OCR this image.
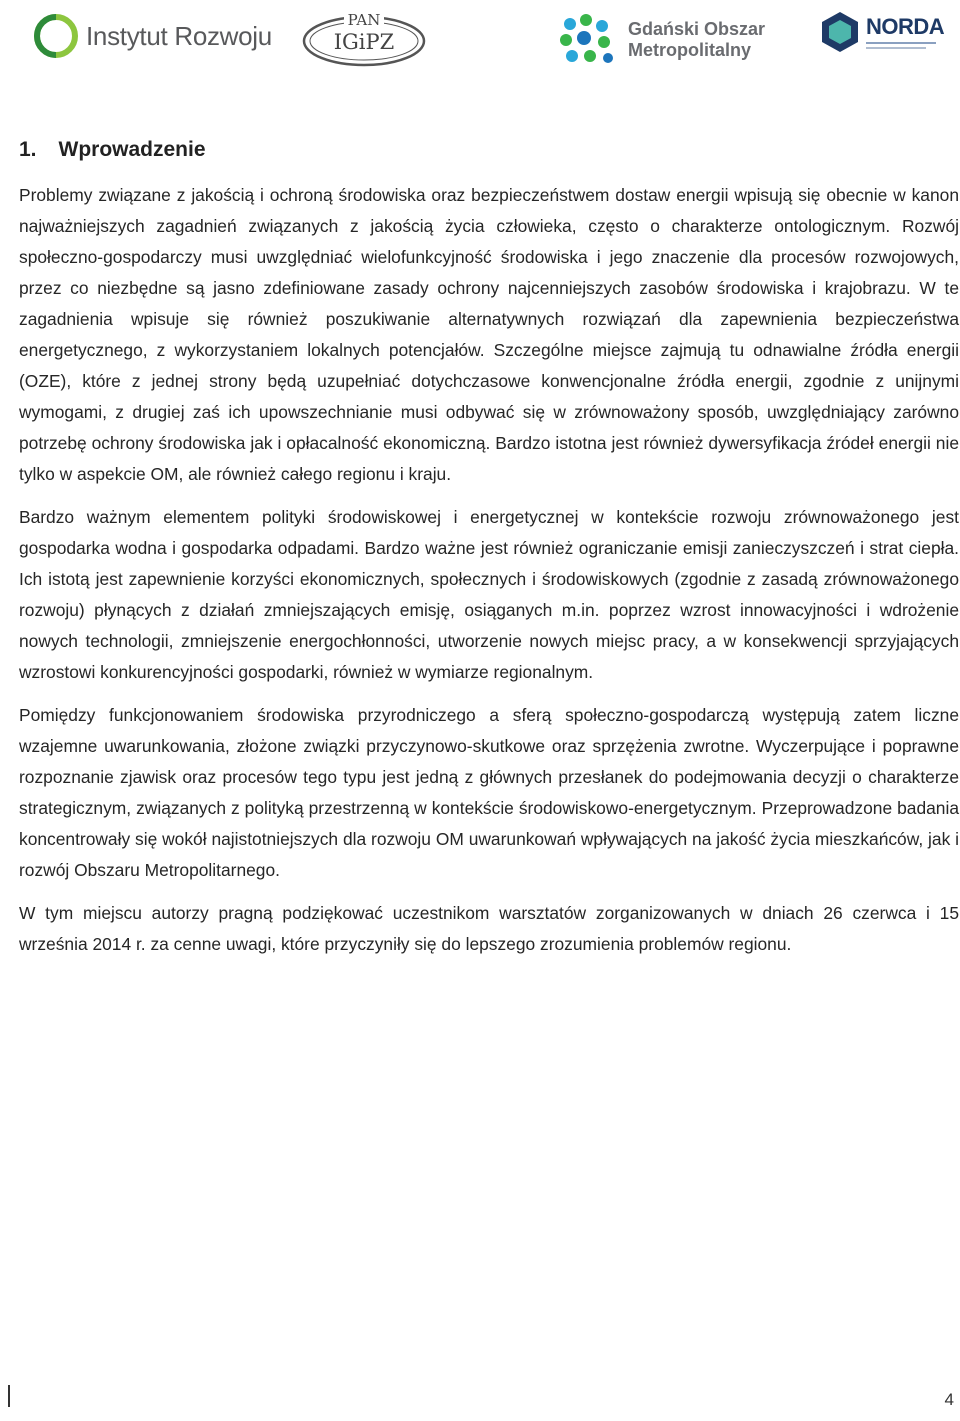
Instytut Rozwoju
PAN
IGiPZ
Gdański Obszar
Metropolitalny
NORDA
1. Wprowadzenie

Problemy związane z jakością i ochroną środowiska oraz bezpieczeństwem dostaw energii wpisują się obecnie w kanon najważniejszych zagadnień związanych z jakością życia człowieka, często o charakterze ontologicznym. Rozwój społeczno-gospodarczy musi uwzględniać wielofunkcyjność środowiska i jego znaczenie dla procesów rozwojowych, przez co niezbędne są jasno zdefiniowane zasady ochrony najcenniejszych zasobów środowiska i krajobrazu. W te zagadnienia wpisuje się również poszukiwanie alternatywnych rozwiązań dla zapewnienia bezpieczeństwa energetycznego, z wykorzystaniem lokalnych potencjałów. Szczególne miejsce zajmują tu odnawialne źródła energii (OZE), które z jednej strony będą uzupełniać dotychczasowe konwencjonalne źródła energii, zgodnie z unijnymi wymogami, z drugiej zaś ich upowszechnianie musi odbywać się w zrównoważony sposób, uwzględniający zarówno potrzebę ochrony środowiska jak i opłacalność ekonomiczną. Bardzo istotna jest również dywersyfikacja źródeł energii nie tylko w aspekcie OM, ale również całego regionu i kraju.

Bardzo ważnym elementem polityki środowiskowej i energetycznej w kontekście rozwoju zrównoważonego jest gospodarka wodna i gospodarka odpadami. Bardzo ważne jest również ograniczanie emisji zanieczyszczeń i strat ciepła. Ich istotą jest zapewnienie korzyści ekonomicznych, społecznych i środowiskowych (zgodnie z zasadą zrównoważonego rozwoju) płynących z działań zmniejszających emisję, osiąganych m.in. poprzez wzrost innowacyjności i wdrożenie nowych technologii, zmniejszenie energochłonności, utworzenie nowych miejsc pracy, a w konsekwencji sprzyjających wzrostowi konkurencyjności gospodarki, również w wymiarze regionalnym.

Pomiędzy funkcjonowaniem środowiska przyrodniczego a sferą społeczno-gospodarczą występują zatem liczne wzajemne uwarunkowania, złożone związki przyczynowo-skutkowe oraz sprzężenia zwrotne. Wyczerpujące i poprawne rozpoznanie zjawisk oraz procesów tego typu jest jedną z głównych przesłanek do podejmowania decyzji o charakterze strategicznym, związanych z polityką przestrzenną w kontekście środowiskowo-energetycznym. Przeprowadzone badania koncentrowały się wokół najistotniejszych dla rozwoju OM uwarunkowań wpływających na jakość życia mieszkańców, jak i rozwój Obszaru Metropolitarnego.

W tym miejscu autorzy pragną podziękować uczestnikom warsztatów zorganizowanych w dniach 26 czerwca i 15 września 2014 r. za cenne uwagi, które przyczyniły się do lepszego zrozumienia problemów regionu.

4
